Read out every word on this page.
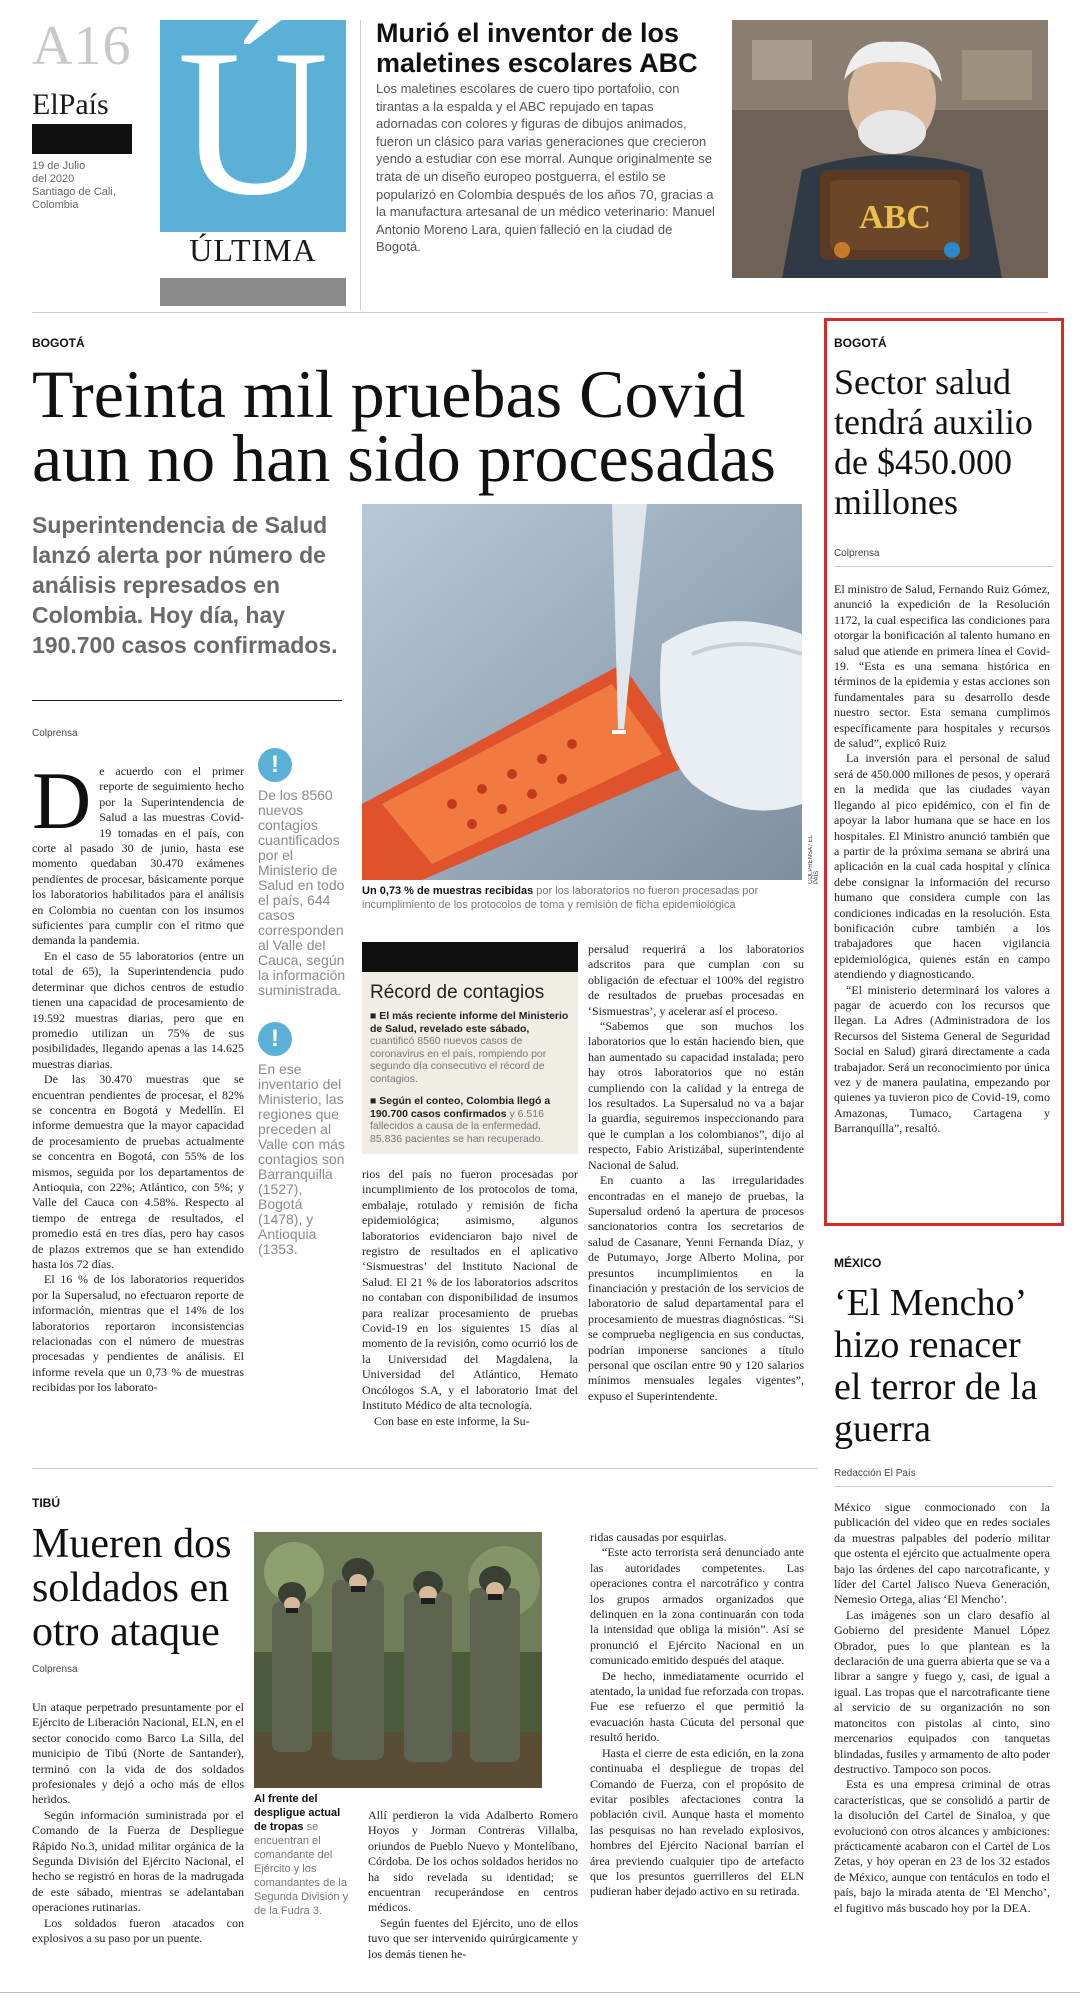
A16
ElPaís
19 de Julio
del 2020
Santiago de Cali,
Colombia Ú
ÚLTIMA
Murió el inventor de los maletines escolares ABC
Los maletines escolares de cuero tipo portafolio, con tirantas a la espalda y el ABC repujado en tapas adornadas con colores y figuras de dibujos animados, fueron un clásico para varias generaciones que crecieron yendo a estudiar con ese morral. Aunque originalmente se trata de un diseño europeo postguerra, el estilo se popularizó en Colombia después de los años 70, gracias a la manufactura artesanal de un médico veterinario: Manuel Antonio Moreno Lara, quien falleció en la ciudad de Bogotá.
ABC
BOGOTÁ
Treinta mil pruebas Covid aun no han sido procesadas
Superintendencia de Salud lanzó alerta por número de análisis represados en Colombia. Hoy día, hay 190.700 casos confirmados.
Colprensa
D e acuerdo con el primer reporte de seguimiento hecho por la Superintendencia de Salud a las muestras Covid-19 tomadas en el país, con corte al pasado 30 de junio, hasta ese momento quedaban 30.470 exámenes pendientes de procesar, básicamente porque los laboratorios habilitados para el análisis en Colombia no cuentan con los insumos suficientes para cumplir con el ritmo que demanda la pandemia.
En el caso de 55 laboratorios (entre un total de 65), la Superintendencia pudo determinar que dichos centros de estudio tienen una capacidad de procesamiento de 19.592 muestras diarias, pero que en promedio utilizan un 75% de sus posibilidades, llegando apenas a las 14.625 muestras diarias.
De las 30.470 muestras que se encuentran pendientes de procesar, el 82% se concentra en Bogotá y Medellín. El informe demuestra que la mayor capacidad de procesamiento de pruebas actualmente se concentra en Bogotá, con 55% de los mismos, seguida por los departamentos de Antioquia, con 22%; Atlántico, con 5%; y Valle del Cauca con 4.58%. Respecto al tiempo de entrega de resultados, el promedio está en tres días, pero hay casos de plazos extremos que se han extendido hasta los 72 días.
El 16 % de los laboratorios requeridos por la Supersalud, no efectuaron reporte de información, mientras que el 14% de los laboratorios reportaron inconsistencias relacionadas con el número de muestras procesadas y pendientes de análisis. El informe revela que un 0,73 % de muestras recibidas por los laborato-
!
De los 8560 nuevos contagios cuantificados por el Ministerio de Salud en todo el país, 644 casos corresponden al Valle del Cauca, según la información suministrada.
!
En ese inventario del Ministerio, las regiones que preceden al Valle con más contagios son Barranquilla (1527), Bogotá (1478), y Antioquia (1353.
COLPRENSA / EL PAÍS
Un 0,73 % de muestras recibidas por los laboratorios no fueron procesadas por incumplimiento de los protocolos de toma y remisión de ficha epidemiológica
Récord de contagios
■ El más reciente informe del Ministerio de Salud, revelado este sábado, cuantificó 8560 nuevos casos de coronavirus en el país, rompiendo por segundo día consecutivo el récord de contagios.
■ Según el conteo, Colombia llegó a 190.700 casos confirmados y 6.516 fallecidos a causa de la enfermedad. 85.836 pacientes se han recuperado.
rios del país no fueron procesadas por incumplimiento de los protocolos de toma, embalaje, rotulado y remisión de ficha epidemiológica; asimismo, algunos laboratorios evidenciaron bajo nivel de registro de resultados en el aplicativo ‘Sismuestras’ del Instituto Nacional de Salud. El 21 % de los laboratorios adscritos no contaban con disponibilidad de insumos para realizar procesamiento de pruebas Covid-19 en los siguientes 15 días al momento de la revisión, como ocurrió los de la Universidad del Magdalena, la Universidad del Atlántico, Hemato Oncólogos S.A, y el laboratorio Imat del Instituto Médico de alta tecnología.
Con base en este informe, la Su-
persalud requerirá a los laboratorios adscritos para que cumplan con su obligación de efectuar el 100% del registro de resultados de pruebas procesadas en ‘Sismuestras’, y acelerar así el proceso.
“Sabemos que son muchos los laboratorios que lo están haciendo bien, que han aumentado su capacidad instalada; pero hay otros laboratorios que no están cumpliendo con la calidad y la entrega de los resultados. La Supersalud no va a bajar la guardia, seguiremos inspeccionando para que le cumplan a los colombianos”, dijo al respecto, Fabio Aristizábal, superintendente Nacional de Salud.
En cuanto a las irregularidades encontradas en el manejo de pruebas, la Supersalud ordenó la apertura de procesos sancionatorios contra los secretarios de salud de Casanare, Yenni Fernanda Díaz, y de Putumayo, Jorge Alberto Molina, por presuntos incumplimientos en la financiación y prestación de los servicios de laboratorio de salud departamental para el procesamiento de muestras diagnósticas. “Si se comprueba negligencia en sus conductas, podrían imponerse sanciones a título personal que oscilan entre 90 y 120 salarios mínimos mensuales legales vigentes”, expuso el Superintendente.
BOGOTÁ
Sector salud tendrá auxilio de $450.000 millones
Colprensa
El ministro de Salud, Fernando Ruiz Gómez, anunció la expedición de la Resolución 1172, la cual especifica las condiciones para otorgar la bonificación al talento humano en salud que atiende en primera línea el Covid-19. “Esta es una semana histórica en términos de la epidemia y estas acciones son fundamentales para su desarrollo desde nuestro sector. Esta semana cumplimos específicamente para hospitales y recursos de salud”, explicó Ruiz
La inversión para el personal de salud será de 450.000 millones de pesos, y operará en la medida que las ciudades vayan llegando al pico epidémico, con el fin de apoyar la labor humana que se hace en los hospitales. El Ministro anunció también que a partir de la próxima semana se abrirá una aplicación en la cual cada hospital y clínica debe consignar la información del recurso humano que considera cumple con las condiciones indicadas en la resolución. Esta bonificación cubre también a los trabajadores que hacen vigilancia epidemiológica, quienes están en campo atendiendo y diagnosticando.
“El ministerio determinará los valores a pagar de acuerdo con los recursos que llegan. La Adres (Administradora de los Recursos del Sistema General de Seguridad Social en Salud) girará directamente a cada trabajador. Será un reconocimiento por única vez y de manera paulatina, empezando por quienes ya tuvieron pico de Covid-19, como Amazonas, Tumaco, Cartagena y Barranquilla”, resaltó.
MÉXICO
‘El Mencho’ hizo renacer el terror de la guerra
Redacción El País
México sigue conmocionado con la publicación del video que en redes sociales da muestras palpables del poderío militar que ostenta el ejército que actualmente opera bajo las órdenes del capo narcotraficante, y líder del Cartel Jalisco Nueva Generación, Nemesio Ortega, alias ‘El Mencho’.
Las imágenes son un claro desafío al Gobierno del presidente Manuel López Obrador, pues lo que plantean es la declaración de una guerra abierta que se va a librar a sangre y fuego y, casi, de igual a igual. Las tropas que el narcotraficante tiene al servicio de su organización no son matoncitos con pistolas al cinto, sino mercenarios equipados con tanquetas blindadas, fusiles y armamento de alto poder destructivo. Tampoco son pocos.
Esta es una empresa criminal de otras características, que se consolidó a partir de la disolución del Cartel de Sinaloa, y que evolucionó con otros alcances y ambiciones: prácticamente acabaron con el Cartel de Los Zetas, y hoy operan en 23 de los 32 estados de México, aunque con tentáculos en todo el país, bajo la mirada atenta de ‘El Mencho’, el fugitivo más buscado hoy por la DEA.
TIBÚ
Mueren dos soldados en otro ataque
Colprensa
Un ataque perpetrado presuntamente por el Ejército de Liberación Nacional, ELN, en el sector conocido como Barco La Silla, del municipio de Tibú (Norte de Santander), terminó con la vida de dos soldados profesionales y dejó a ocho más de ellos heridos.
Según información suministrada por el Comando de la Fuerza de Despliegue Rápido No.3, unidad militar orgánica de la Segunda División del Ejército Nacional, el hecho se registró en horas de la madrugada de este sábado, mientras se adelantaban operaciones rutinarias.
Los soldados fueron atacados con explosivos a su paso por un puente.
Al frente del despligue actual de tropas se encuentran el comandante del Ejército y los comandantes de la Segunda División y de la Fudra 3.
Allí perdieron la vida Adalberto Romero Hoyos y Jorman Contreras Villalba, oriundos de Pueblo Nuevo y Montelíbano, Córdoba. De los ochos soldados heridos no ha sido revelada su identidad; se encuentran recuperándose en centros médicos.
Según fuentes del Ejército, uno de ellos tuvo que ser intervenido quirúrgicamente y los demás tienen he-
ridas causadas por esquirlas.
“Este acto terrorista será denunciado ante las autoridades competentes. Las operaciones contra el narcotráfico y contra los grupos armados organizados que delinquen en la zona continuarán con toda la intensidad que obliga la misión”. Así se pronunció el Ejército Nacional en un comunicado emitido después del ataque.
De hecho, inmediatamente ocurrido el atentado, la unidad fue reforzada con tropas. Fue ese refuerzo el que permitió la evacuación hasta Cúcuta del personal que resultó herido.
Hasta el cierre de esta edición, en la zona continuaba el despliegue de tropas del Comando de Fuerza, con el propósito de evitar posibles afectaciones contra la población civil. Aunque hasta el momento las pesquisas no han revelado explosivos, hombres del Ejército Nacional barrían el área previendo cualquier tipo de artefacto que los presuntos guerrilleros del ELN pudieran haber dejado activo en su retirada.
